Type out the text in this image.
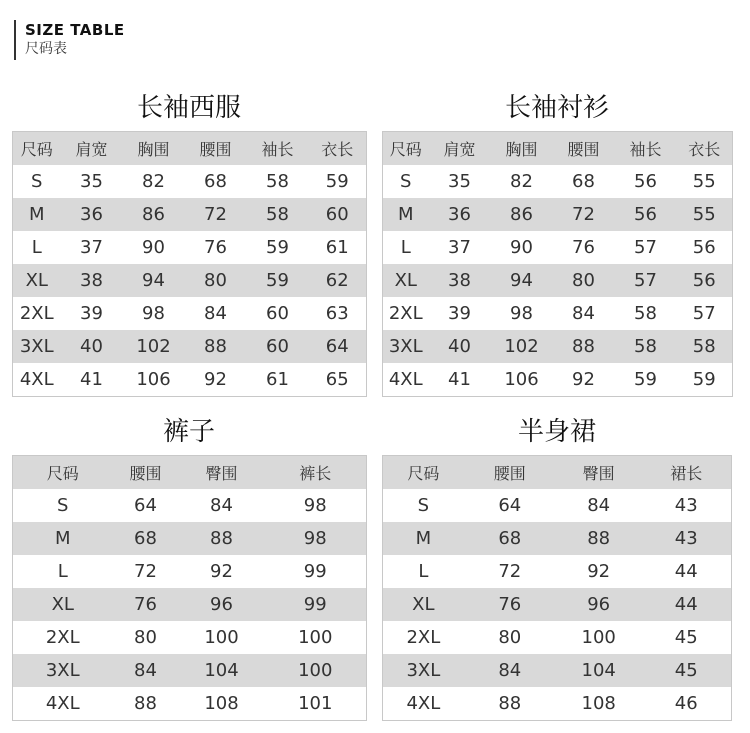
SIZE TABLE
尺码表
长袖西服
尺码	肩宽	胸围	腰围	袖长	衣长
S	35	82	68	58	59
M	36	86	72	58	60
L	37	90	76	59	61
XL	38	94	80	59	62
2XL	39	98	84	60	63
3XL	40	102	88	60	64
4XL	41	106	92	61	65
长袖衬衫
尺码	肩宽	胸围	腰围	袖长	衣长
S	35	82	68	56	55
M	36	86	72	56	55
L	37	90	76	57	56
XL	38	94	80	57	56
2XL	39	98	84	58	57
3XL	40	102	88	58	58
4XL	41	106	92	59	59
裤子
尺码	腰围	臀围	裤长
S	64	84	98
M	68	88	98
L	72	92	99
XL	76	96	99
2XL	80	100	100
3XL	84	104	100
4XL	88	108	101
半身裙
尺码	腰围	臀围	裙长
S	64	84	43
M	68	88	43
L	72	92	44
XL	76	96	44
2XL	80	100	45
3XL	84	104	45
4XL	88	108	46
